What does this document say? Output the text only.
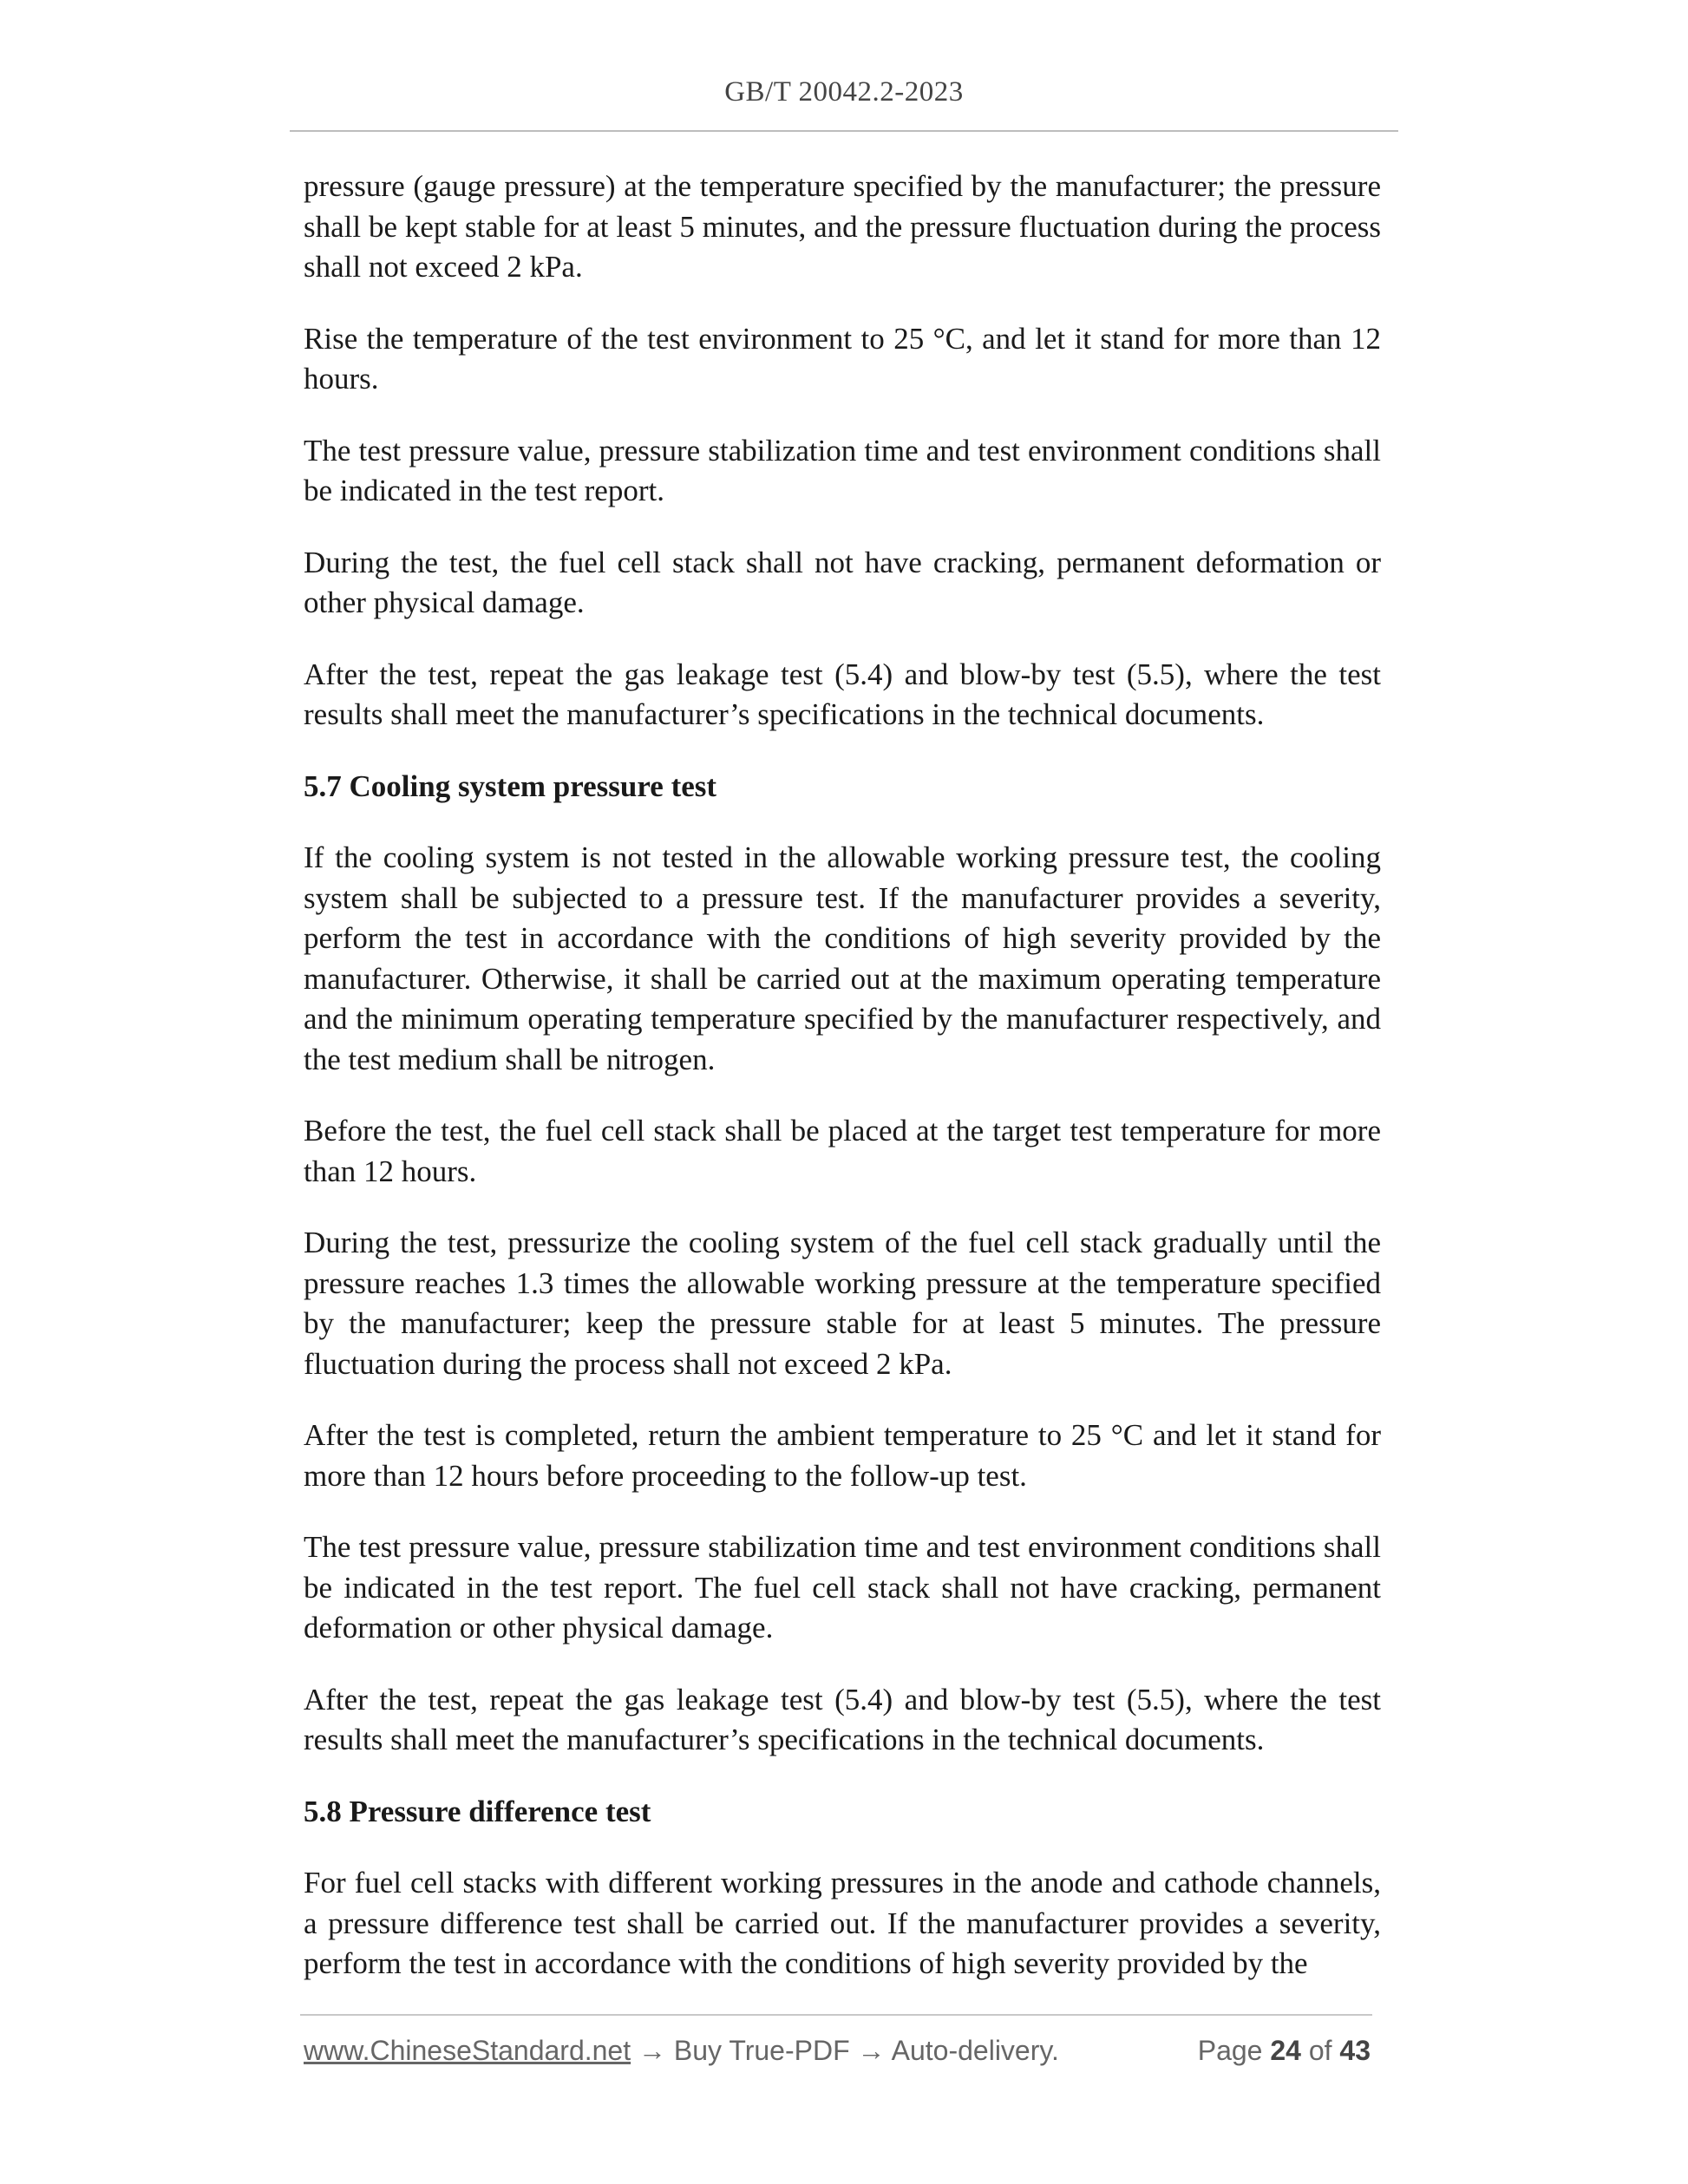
GB/T 20042.2-2023

pressure (gauge pressure) at the temperature specified by the manufacturer; the pressure shall be kept stable for at least 5 minutes, and the pressure fluctuation during the process shall not exceed 2 kPa.

Rise the temperature of the test environment to 25 °C, and let it stand for more than 12 hours.

The test pressure value, pressure stabilization time and test environment conditions shall be indicated in the test report.

During the test, the fuel cell stack shall not have cracking, permanent deformation or other physical damage.

After the test, repeat the gas leakage test (5.4) and blow-by test (5.5), where the test results shall meet the manufacturer’s specifications in the technical documents.

5.7 Cooling system pressure test

If the cooling system is not tested in the allowable working pressure test, the cooling system shall be subjected to a pressure test. If the manufacturer provides a severity, perform the test in accordance with the conditions of high severity provided by the manufacturer. Otherwise, it shall be carried out at the maximum operating temperature and the minimum operating temperature specified by the manufacturer respectively, and the test medium shall be nitrogen.

Before the test, the fuel cell stack shall be placed at the target test temperature for more than 12 hours.

During the test, pressurize the cooling system of the fuel cell stack gradually until the pressure reaches 1.3 times the allowable working pressure at the temperature specified by the manufacturer; keep the pressure stable for at least 5 minutes. The pressure fluctuation during the process shall not exceed 2 kPa.

After the test is completed, return the ambient temperature to 25 °C and let it stand for more than 12 hours before proceeding to the follow-up test.

The test pressure value, pressure stabilization time and test environment conditions shall be indicated in the test report. The fuel cell stack shall not have cracking, permanent deformation or other physical damage.

After the test, repeat the gas leakage test (5.4) and blow-by test (5.5), where the test results shall meet the manufacturer’s specifications in the technical documents.

5.8 Pressure difference test

For fuel cell stacks with different working pressures in the anode and cathode channels, a pressure difference test shall be carried out. If the manufacturer provides a severity, perform the test in accordance with the conditions of high severity provided by the

www.ChineseStandard.net → Buy True-PDF → Auto-delivery.	Page 24 of 43
